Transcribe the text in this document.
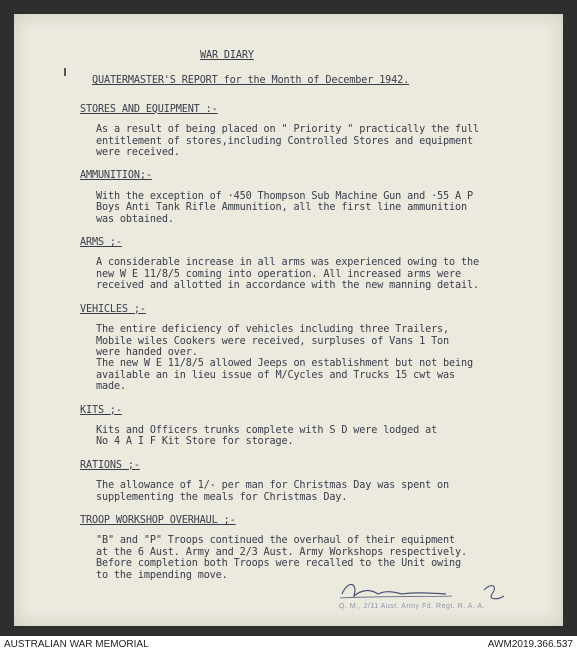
WAR DIARY
QUATERMASTER'S REPORT for the Month of December 1942.
STORES AND EQUIPMENT :-
As a result of being placed on " Priority " practically the full
entitlement of stores,including Controlled Stores and equipment
were received.
AMMUNITION;-
With the exception of ·450 Thompson Sub Machine Gun and ·55 A P
Boys Anti Tank Rifle Ammunition, all the first line ammunition
was obtained.
ARMS ;-
A considerable increase in all arms was experienced owing to the
new W E 11/8/5 coming into operation. All increased arms were
received and allotted in accordance with the new manning detail.
VEHICLES ;-
The entire deficiency of vehicles including three Trailers,
Mobile wiles Cookers were received, surpluses of Vans 1 Ton
were handed over.
The new W E 11/8/5 allowed Jeeps on establishment but not being
available an in lieu issue of M/Cycles and Trucks 15 cwt was
made.
KITS ;-
Kits and Officers trunks complete with S D were lodged at
No 4 A I F Kit Store for storage.
RATIONS ;-
The allowance of 1/- per man for Christmas Day was spent on
supplementing the meals for Christmas Day.
TROOP WORKSHOP OVERHAUL ;-
"B" and "P" Troops continued the overhaul of their equipment
at the 6 Aust. Army and 2/3 Aust. Army Workshops respectively.
Before completion both Troops were recalled to the Unit owing
to the impending move.
Q. M., 2/11 Aust. Army Fd. Regt. R. A. A.
AUSTRALIAN WAR MEMORIAL	AWM2019.366.537
